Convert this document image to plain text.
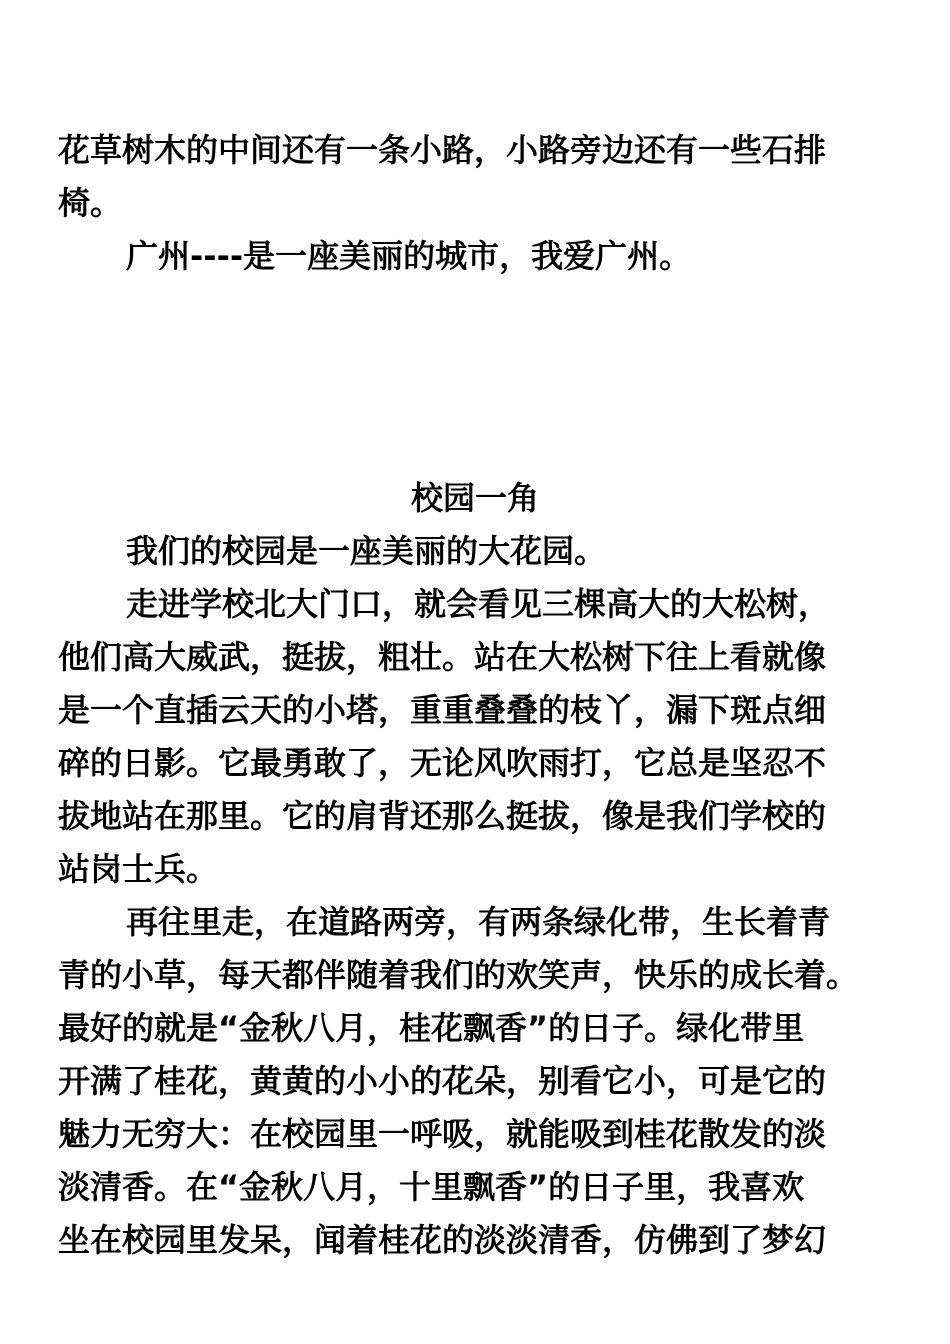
花草树木的中间还有一条小路，小路旁边还有一些石排
椅。
广州----是一座美丽的城市，我爱广州。
校园一角
我们的校园是一座美丽的大花园。
走进学校北大门口，就会看见三棵高大的大松树，
他们高大威武，挺拔，粗壮。站在大松树下往上看就像
是一个直插云天的小塔，重重叠叠的枝丫，漏下斑点细
碎的日影。它最勇敢了，无论风吹雨打，它总是坚忍不
拔地站在那里。它的肩背还那么挺拔，像是我们学校的
站岗士兵。
再往里走，在道路两旁，有两条绿化带，生长着青
青的小草，每天都伴随着我们的欢笑声，快乐的成长着。
最好的就是“金秋八月，桂花飘香”的日子。绿化带里
开满了桂花，黄黄的小小的花朵，别看它小，可是它的
魅力无穷大：在校园里一呼吸，就能吸到桂花散发的淡
淡清香。在“金秋八月，十里飘香”的日子里，我喜欢
坐在校园里发呆，闻着桂花的淡淡清香，仿佛到了梦幻
